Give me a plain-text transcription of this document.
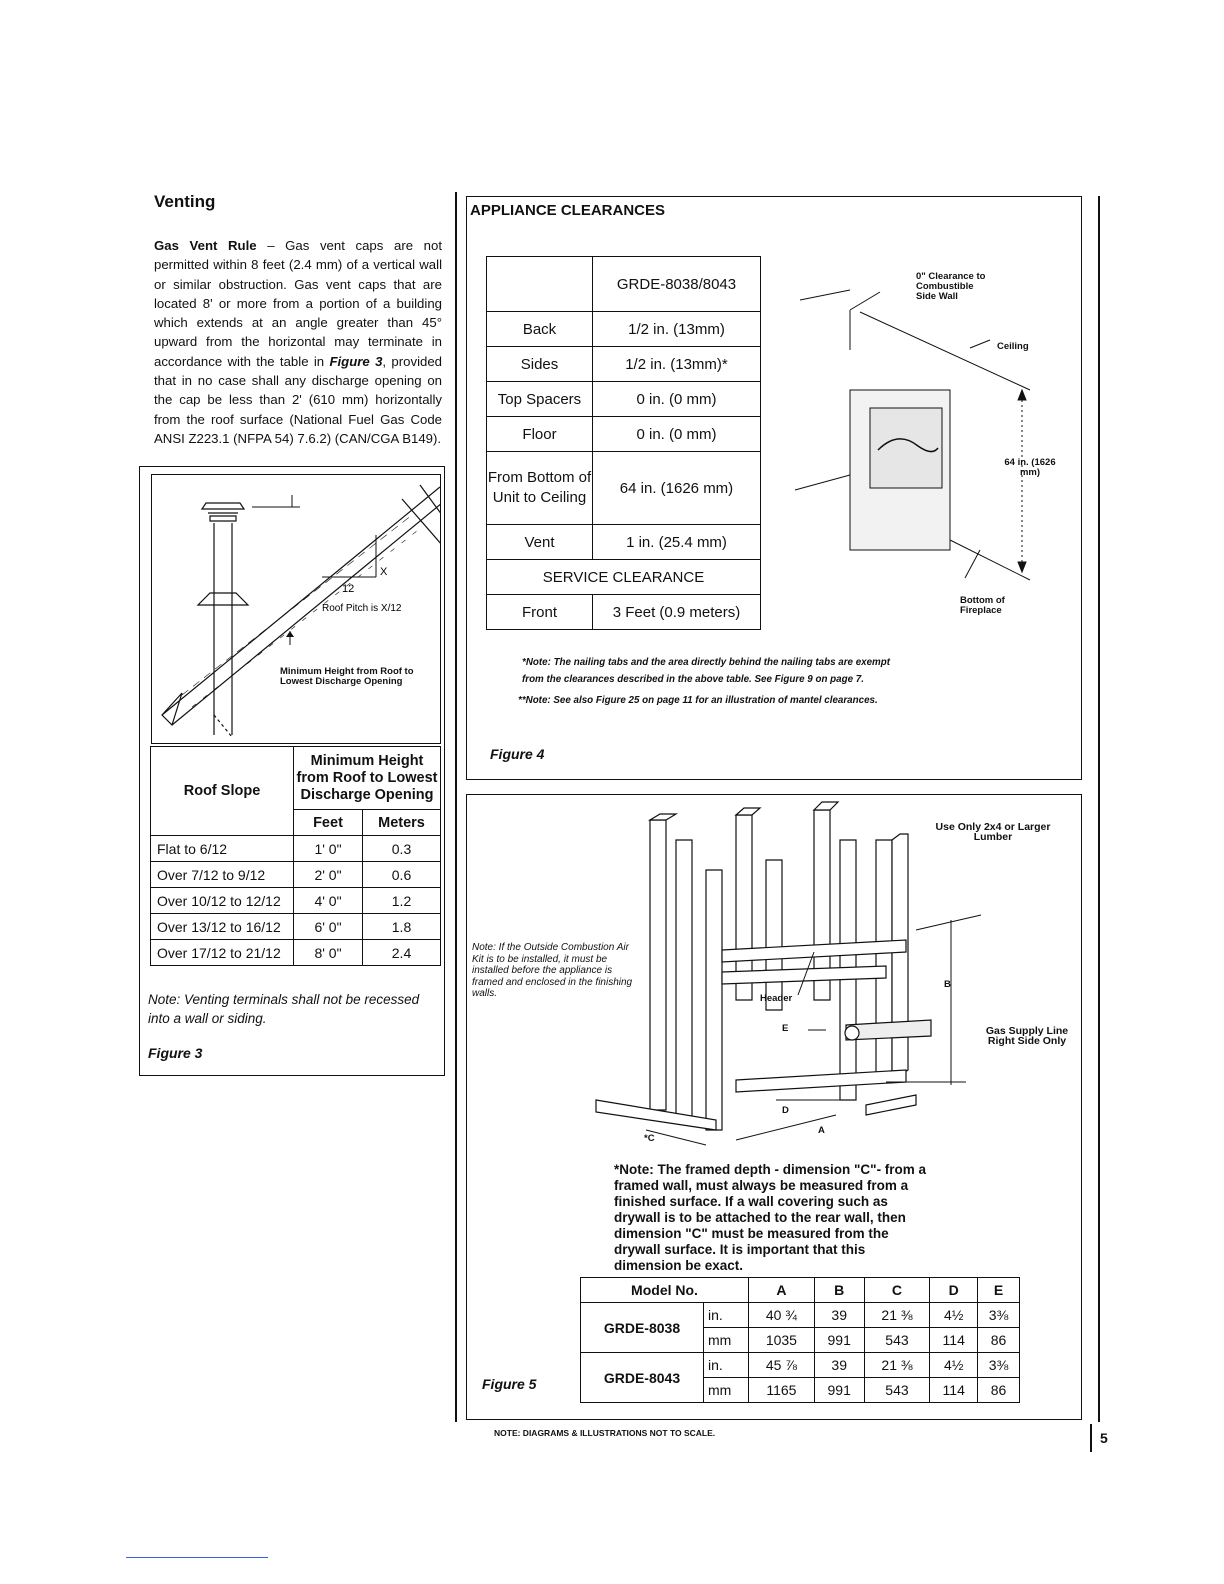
Venting
Gas Vent Rule – Gas vent caps are not permitted within 8 feet (2.4 mm) of a vertical wall or similar obstruction. Gas vent caps that are located 8' or more from a portion of a building which extends at an angle greater than 45° upward from the horizontal may terminate in accordance with the table in Figure 3, provided that in no case shall any discharge opening on the cap be less than 2' (610 mm) horizontally from the roof surface (National Fuel Gas Code ANSI Z223.1 (NFPA 54) 7.6.2) (CAN/CGA B149).
12
X
Roof Pitch is X/12
Minimum Height from Roof to Lowest Discharge Opening
Roof Slope	Minimum Height from Roof to Lowest Discharge Opening	
	Feet	Meters
Flat to 6/12	1' 0"	0.3
Over 7/12 to 9/12	2' 0"	0.6
Over 10/12 to 12/12	4' 0"	1.2
Over 13/12 to 16/12	6' 0"	1.8
Over 17/12 to 21/12	8' 0"	2.4
Note: Venting terminals shall not be recessed into a wall or siding.
Figure 3
APPLIANCE CLEARANCES
	GRDE-8038/8043
Back	1/2 in. (13mm)
Sides	1/2 in. (13mm)*
Top Spacers	0 in. (0 mm)
Floor	0 in. (0 mm)
From Bottom of Unit to Ceiling	64 in. (1626 mm)
Vent	1 in. (25.4 mm)
SERVICE CLEARANCE	
Front	3 Feet (0.9 meters)
0" Clearance to Combustible Side Wall
Ceiling
64 in. (1626 mm)
Bottom of Fireplace
*Note: The nailing tabs and the area directly behind the nailing tabs are exempt
from the clearances described in the above table. See Figure 9 on page 7.
**Note: See also Figure 25 on page 11 for an illustration of mantel clearances.
Figure 4
Use Only 2x4 or Larger Lumber
Note: If the Outside Combustion Air Kit is to be installed, it must be installed before the appliance is framed and enclosed in the finishing walls.	Header
E
B
Gas Supply Line Right Side Only
D
A
*C
*Note: The framed depth - dimension "C"- from a framed wall, must always be measured from a finished surface. If a wall covering such as drywall is to be attached to the rear wall, then dimension "C" must be measured from the drywall surface. It is important that this dimension be exact.
Model No.		A	B	C	D	E
GRDE-8038	in.	40 ¾	39	21 ⅜	4½	3⅜
	mm	1035	991	543	114	86
GRDE-8043	in.	45 ⅞	39	21 ⅜	4½	3⅜
	mm	1165	991	543	114	86
Figure 5
NOTE: DIAGRAMS & ILLUSTRATIONS NOT TO SCALE.	5
